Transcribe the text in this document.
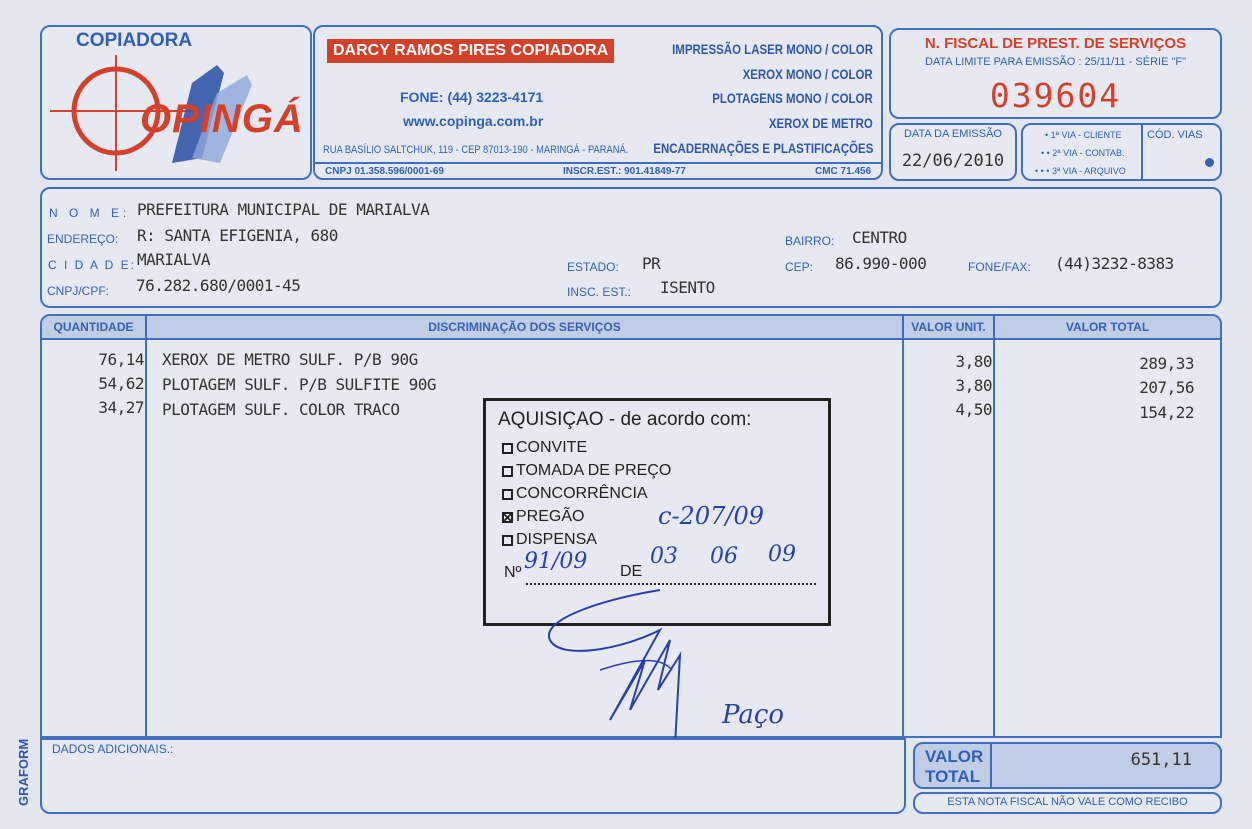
GRAFORM
COPIADORA
OPINGÁ
DARCY RAMOS PIRES COPIADORA
FONE: (44) 3223-4171
www.copinga.com.br
RUA BASÍLIO SALTCHUK, 119 - CEP 87013-190 - MARINGÁ - PARANÁ.
IMPRESSÃO LASER MONO / COLOR
XEROX MONO / COLOR
PLOTAGENS MONO / COLOR
XEROX DE METRO
ENCADERNAÇÕES E PLASTIFICAÇÕES
CNPJ 01.358.596/0001-69	INSCR.EST.: 901.41849-77	CMC 71.456
N. FISCAL DE PREST. DE SERVIÇOS
DATA LIMITE PARA EMISSÃO : 25/11/11 - SÉRIE "F"
039604
DATA DA EMISSÃO
22/06/2010
• 1ª VIA - CLIENTE
• • 2ª VIA - CONTAB.
• • • 3ª VIA - ARQUIVO
CÓD. VIAS
N O M E: PREFEITURA MUNICIPAL DE MARIALVA
ENDEREÇO: R: SANTA EFIGENIA, 680	BAIRRO: CENTRO
C I D A D E: MARIALVA	ESTADO: PR	CEP: 86.990-000	FONE/FAX: (44)3232-8383
CNPJ/CPF: 76.282.680/0001-45	INSC. EST.: ISENTO
QUANTIDADE	DISCRIMINAÇÃO DOS SERVIÇOS	VALOR UNIT.	VALOR TOTAL
76,14 XEROX DE METRO SULF. P/B 90G	3,80	289,33
54,62 PLOTAGEM SULF. P/B SULFITE 90G	3,80	207,56
34,27 PLOTAGEM SULF. COLOR TRACO	4,50	154,22
AQUISIÇAO - de acordo com:
CONVITE
TOMADA DE PREÇO
CONCORRÊNCIA
PREGÃO
DISPENSA
Nº	DE
c-207/09
91/09	03 06 09
Paço
DADOS ADICIONAIS.:	VALOR
TOTAL
651,11
ESTA NOTA FISCAL NÃO VALE COMO RECIBO
